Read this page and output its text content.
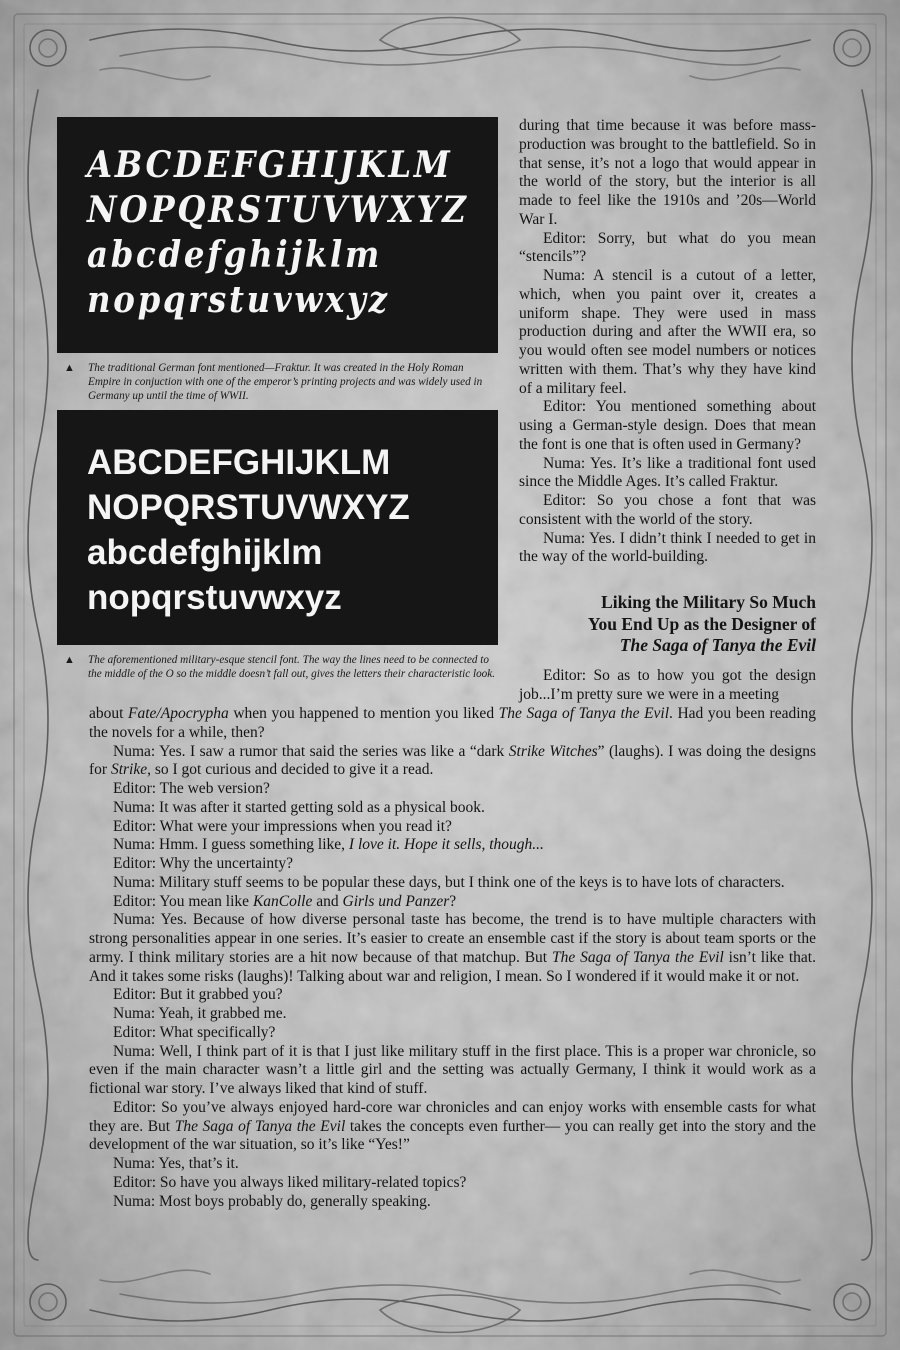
ABCDEFGHIJKLM
NOPQRSTUVWXYZ
abcdefghijklm
nopqrstuvwxyz
▲ The traditional German font mentioned—Fraktur. It was created in the Holy Roman Empire in conjuction with one of the emperor’s printing projects and was widely used in Germany up until the time of WWII.
ABCDEFGHIJKLM
NOPQRSTUVWXYZ
abcdefghijklm
nopqrstuvwxyz
▲ The aforementioned military-esque stencil font. The way the lines need to be connected to the middle of the O so the middle doesn’t fall out, gives the letters their characteristic look.

during that time because it was before mass-production was brought to the battlefield. So in that sense, it’s not a logo that would appear in the world of the story, but the interior is all made to feel like the 1910s and ’20s—World War I.

Editor: Sorry, but what do you mean “stencils”?

Numa: A stencil is a cutout of a letter, which, when you paint over it, creates a uniform shape. They were used in mass production during and after the WWII era, so you would often see model numbers or notices written with them. That’s why they have kind of a military feel.

Editor: You mentioned something about using a German-style design. Does that mean the font is one that is often used in Germany?

Numa: Yes. It’s like a traditional font used since the Middle Ages. It’s called Fraktur.

Editor: So you chose a font that was consistent with the world of the story.

Numa: Yes. I didn’t think I needed to get in the way of the world-building.

Liking the Military So Much
You End Up as the Designer of
The Saga of Tanya the Evil

Editor: So as to how you got the design job...I’m pretty sure we were in a meeting

about Fate/Apocrypha when you happened to mention you liked The Saga of Tanya the Evil. Had you been reading the novels for a while, then?

Numa: Yes. I saw a rumor that said the series was like a “dark Strike Witches” (laughs). I was doing the designs for Strike, so I got curious and decided to give it a read.

Editor: The web version?

Numa: It was after it started getting sold as a physical book.

Editor: What were your impressions when you read it?

Numa: Hmm. I guess something like, I love it. Hope it sells, though...

Editor: Why the uncertainty?

Numa: Military stuff seems to be popular these days, but I think one of the keys is to have lots of characters.

Editor: You mean like KanColle and Girls und Panzer?

Numa: Yes. Because of how diverse personal taste has become, the trend is to have multiple characters with strong personalities appear in one series. It’s easier to create an ensemble cast if the story is about team sports or the army. I think military stories are a hit now because of that matchup. But The Saga of Tanya the Evil isn’t like that. And it takes some risks (laughs)! Talking about war and religion, I mean. So I wondered if it would make it or not.

Editor: But it grabbed you?

Numa: Yeah, it grabbed me.

Editor: What specifically?

Numa: Well, I think part of it is that I just like military stuff in the first place. This is a proper war chronicle, so even if the main character wasn’t a little girl and the setting was actually Germany, I think it would work as a fictional war story. I’ve always liked that kind of stuff.

Editor: So you’ve always enjoyed hard-core war chronicles and can enjoy works with ensemble casts for what they are. But The Saga of Tanya the Evil takes the concepts even further— you can really get into the story and the development of the war situation, so it’s like “Yes!”

Numa: Yes, that’s it.

Editor: So have you always liked military-related topics?

Numa: Most boys probably do, generally speaking.
